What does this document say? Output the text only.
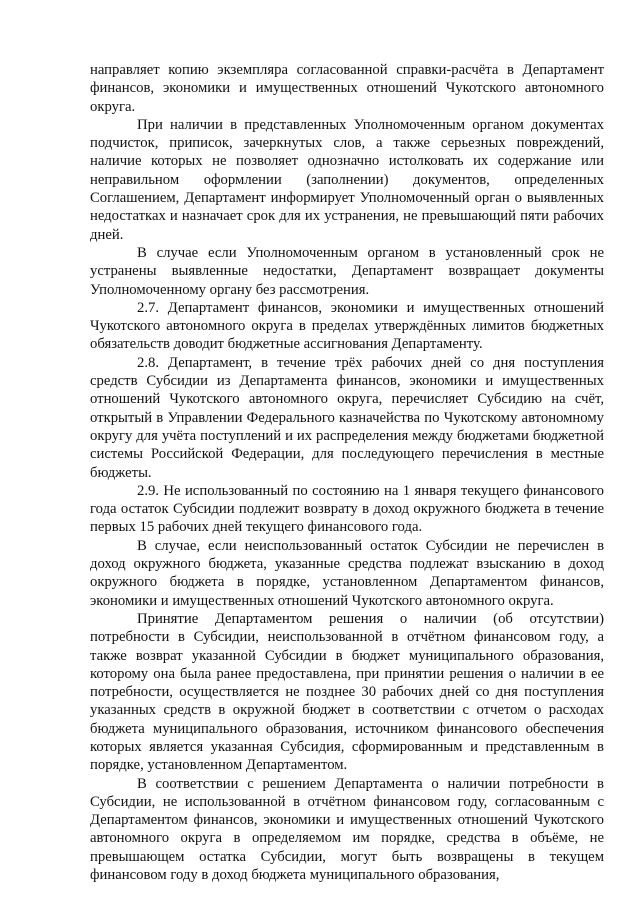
направляет копию экземпляра согласованной справки-расчёта в Департамент финансов, экономики и имущественных отношений Чукотского автономного округа.

При наличии в представленных Уполномоченным органом документах подчисток, приписок, зачеркнутых слов, а также серьезных повреждений, наличие которых не позволяет однозначно истолковать их содержание или неправильном оформлении (заполнении) документов, определенных Соглашением, Департамент информирует Уполномоченный орган о выявленных недостатках и назначает срок для их устранения, не превышающий пяти рабочих дней.

В случае если Уполномоченным органом в установленный срок не устранены выявленные недостатки, Департамент возвращает документы Уполномоченному органу без рассмотрения.

2.7. Департамент финансов, экономики и имущественных отношений Чукотского автономного округа в пределах утверждённых лимитов бюджетных обязательств доводит бюджетные ассигнования Департаменту.

2.8. Департамент, в течение трёх рабочих дней со дня поступления средств Субсидии из Департамента финансов, экономики и имущественных отношений Чукотского автономного округа, перечисляет Субсидию на счёт, открытый в Управлении Федерального казначейства по Чукотскому автономному округу для учёта поступлений и их распределения между бюджетами бюджетной системы Российской Федерации, для последующего перечисления в местные бюджеты.

2.9. Не использованный по состоянию на 1 января текущего финансового года остаток Субсидии подлежит возврату в доход окружного бюджета в течение первых 15 рабочих дней текущего финансового года.

В случае, если неиспользованный остаток Субсидии не перечислен в доход окружного бюджета, указанные средства подлежат взысканию в доход окружного бюджета в порядке, установленном Департаментом финансов, экономики и имущественных отношений Чукотского автономного округа.

Принятие Департаментом решения о наличии (об отсутствии) потребности в Субсидии, неиспользованной в отчётном финансовом году, а также возврат указанной Субсидии в бюджет муниципального образования, которому она была ранее предоставлена, при принятии решения о наличии в ее потребности, осуществляется не позднее 30 рабочих дней со дня поступления указанных средств в окружной бюджет в соответствии с отчетом о расходах бюджета муниципального образования, источником финансового обеспечения которых является указанная Субсидия, сформированным и представленным в порядке, установленном Департаментом.

В соответствии с решением Департамента о наличии потребности в Субсидии, не использованной в отчётном финансовом году, согласованным с Департаментом финансов, экономики и имущественных отношений Чукотского автономного округа в определяемом им порядке, средства в объёме, не превышающем остатка Субсидии, могут быть возвращены в текущем финансовом году в доход бюджета муниципального образования,
